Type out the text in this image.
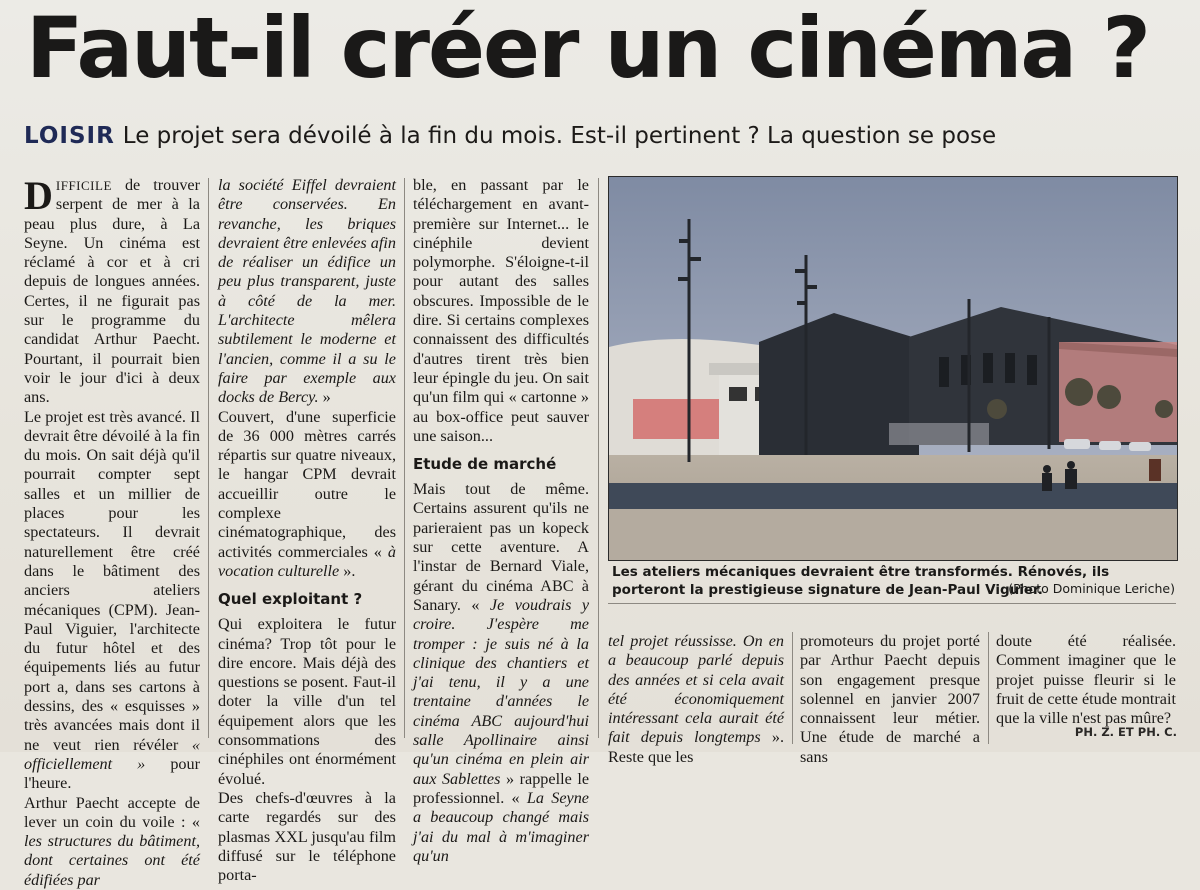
Faut-il créer un cinéma ?
LOISIR Le projet sera dévoilé à la fin du mois. Est-il pertinent ? La question se pose

DIFFICILE de trouver serpent de mer à la peau plus dure, à La Seyne. Un cinéma est réclamé à cor et à cri depuis de longues années. Certes, il ne figurait pas sur le programme du candidat Arthur Paecht. Pourtant, il pourrait bien voir le jour d'ici à deux ans.

Le projet est très avancé. Il devrait être dévoilé à la fin du mois. On sait déjà qu'il pourrait compter sept salles et un millier de places pour les spectateurs. Il devrait naturellement être créé dans le bâtiment des anciers ateliers mécaniques (CPM). Jean-Paul Viguier, l'architecte du futur hôtel et des équipements liés au futur port a, dans ses cartons à dessins, des « esquisses » très avancées mais dont il ne veut rien révéler « officiellement » pour l'heure.

Arthur Paecht accepte de lever un coin du voile : « les structures du bâtiment, dont certaines ont été édifiées par

la société Eiffel devraient être conservées. En revanche, les briques devraient être enlevées afin de réaliser un édifice un peu plus transparent, juste à côté de la mer. L'architecte mêlera subtilement le moderne et l'ancien, comme il a su le faire par exemple aux docks de Bercy. »

Couvert, d'une superficie de 36 000 mètres carrés répartis sur quatre niveaux, le hangar CPM devrait accueillir outre le complexe cinématographique, des activités commerciales « à vocation culturelle ».

Quel exploitant ?

Qui exploitera le futur cinéma? Trop tôt pour le dire encore. Mais déjà des questions se posent. Faut-il doter la ville d'un tel équipement alors que les consommations des cinéphiles ont énormément évolué.

Des chefs-d'œuvres à la carte regardés sur des plasmas XXL jusqu'au film diffusé sur le téléphone porta-

ble, en passant par le téléchargement en avant-première sur Internet... le cinéphile devient polymorphe. S'éloigne-t-il pour autant des salles obscures. Impossible de le dire. Si certains complexes connaissent des difficultés d'autres tirent très bien leur épingle du jeu. On sait qu'un film qui « cartonne » au box-office peut sauver une saison...

Etude de marché

Mais tout de même. Certains assurent qu'ils ne parieraient pas un kopeck sur cette aventure. A l'instar de Bernard Viale, gérant du cinéma ABC à Sanary. « Je voudrais y croire. J'espère me tromper : je suis né à la clinique des chantiers et j'ai tenu, il y a une trentaine d'années le cinéma ABC aujourd'hui salle Apollinaire ainsi qu'un cinéma en plein air aux Sablettes » rappelle le professionnel. « La Seyne a beaucoup changé mais j'ai du mal à m'imaginer qu'un

Les ateliers mécaniques devraient être transformés. Rénovés, ils porteront la prestigieuse signature de Jean-Paul Viguier.
(Photo Dominique Leriche)

tel projet réussisse. On en a beaucoup parlé depuis des années et si cela avait été économiquement intéressant cela aurait été fait depuis longtemps ». Reste que les

promoteurs du projet porté par Arthur Paecht depuis son engagement presque solennel en janvier 2007 connaissent leur métier. Une étude de marché a sans

doute été réalisée. Comment imaginer que le projet puisse fleurir si le fruit de cette étude montrait que la ville n'est pas mûre?

PH. Z. ET PH. C.
